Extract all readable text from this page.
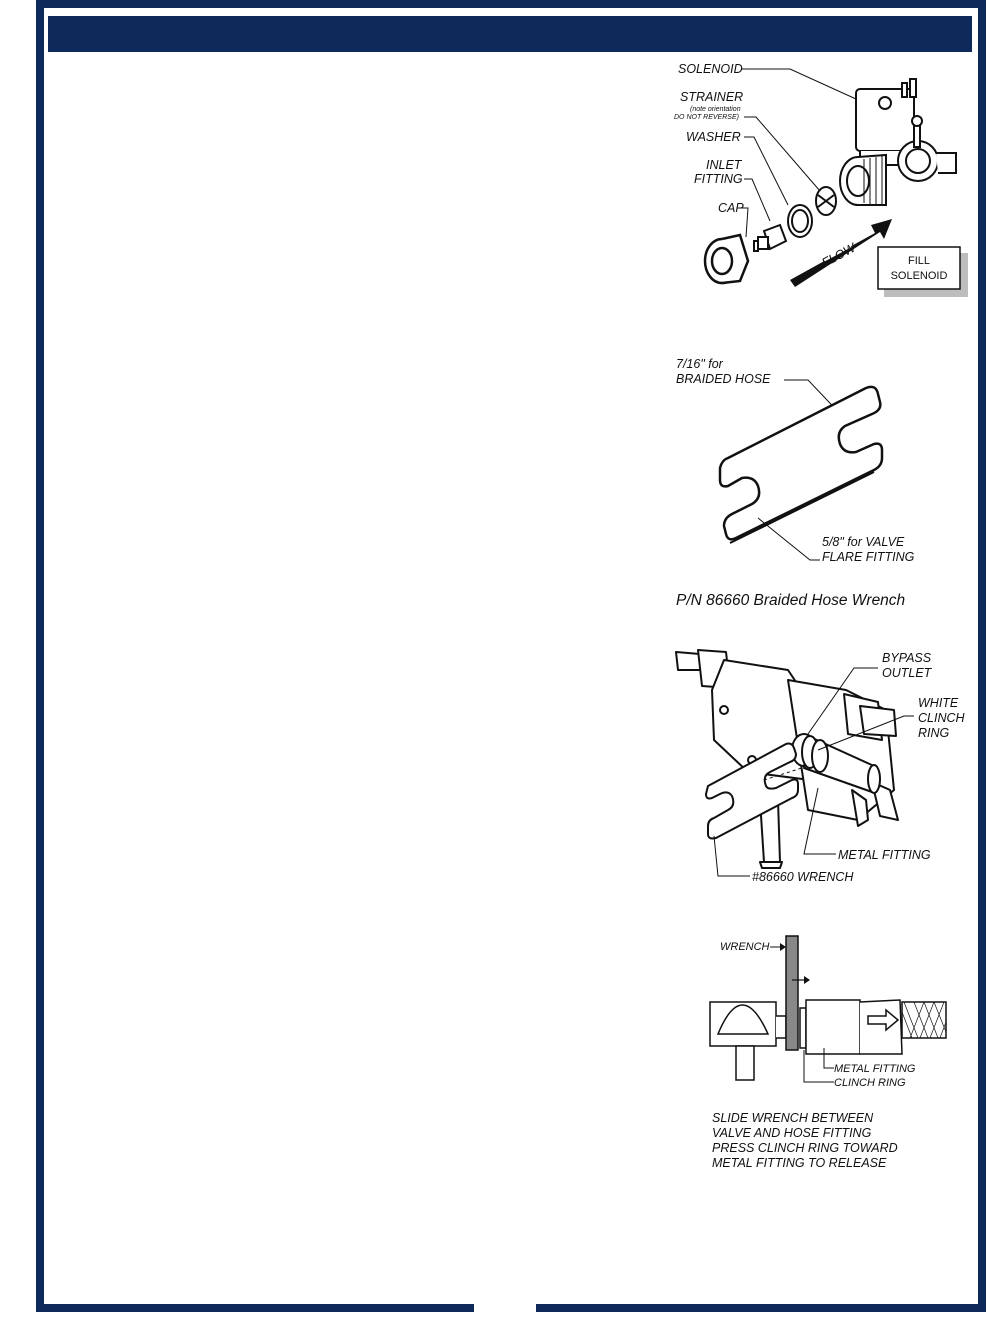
SOLENOID
STRAINER
(note orientation
DO NOT REVERSE)
WASHER
INLET
FITTING
CAP
FLOW	FILL
SOLENOID
7/16" for
BRAIDED HOSE
5/8" for VALVE
FLARE FITTING
P/N 86660 Braided Hose Wrench
BYPASS
OUTLET
WHITE
CLINCH
RING
METAL FITTING
#86660 WRENCH
WRENCH
METAL FITTING
CLINCH RING
SLIDE WRENCH BETWEEN
VALVE AND HOSE FITTING
PRESS CLINCH RING TOWARD
METAL FITTING TO RELEASE
